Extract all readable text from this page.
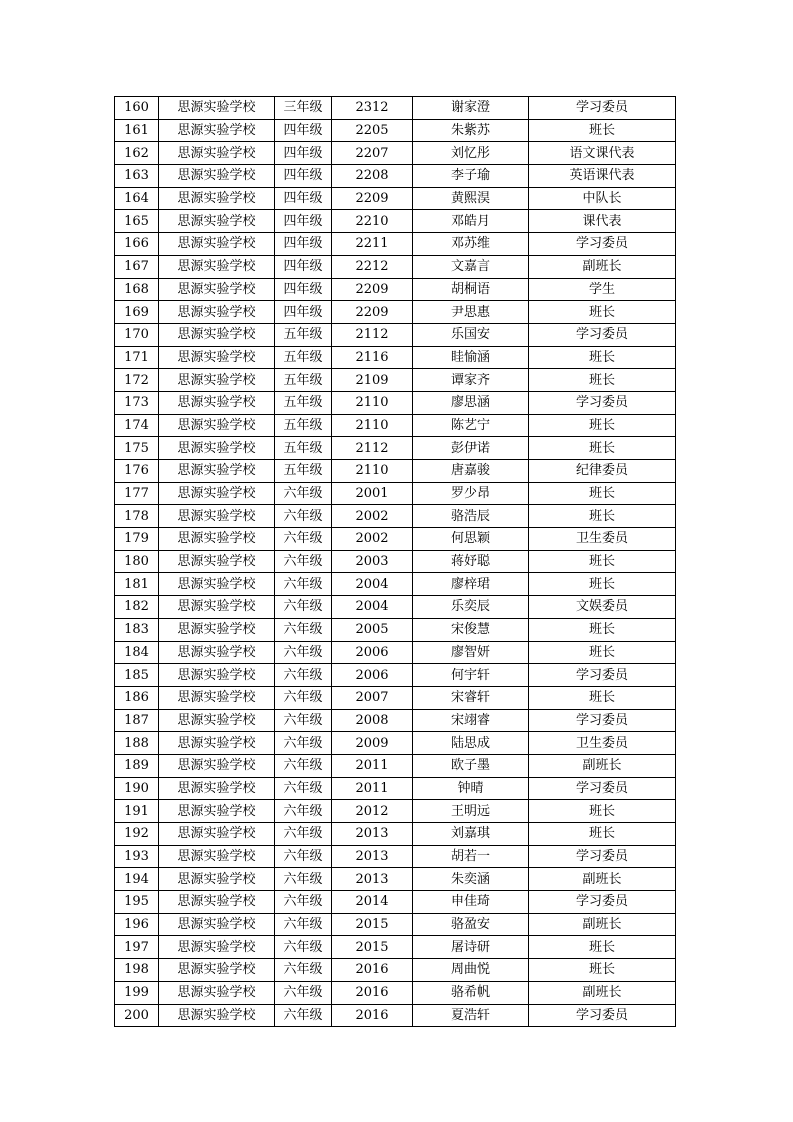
160	思源实验学校	三年级	2312	谢家澄	学习委员
161	思源实验学校	四年级	2205	朱紫苏	班长
162	思源实验学校	四年级	2207	刘忆彤	语文课代表
163	思源实验学校	四年级	2208	李子瑜	英语课代表
164	思源实验学校	四年级	2209	黄熙淏	中队长
165	思源实验学校	四年级	2210	邓皓月	课代表
166	思源实验学校	四年级	2211	邓苏维	学习委员
167	思源实验学校	四年级	2212	文嘉言	副班长
168	思源实验学校	四年级	2209	胡桐语	学生
169	思源实验学校	四年级	2209	尹思惠	班长
170	思源实验学校	五年级	2112	乐国安	学习委员
171	思源实验学校	五年级	2116	眭愉涵	班长
172	思源实验学校	五年级	2109	谭家齐	班长
173	思源实验学校	五年级	2110	廖思涵	学习委员
174	思源实验学校	五年级	2110	陈艺宁	班长
175	思源实验学校	五年级	2112	彭伊诺	班长
176	思源实验学校	五年级	2110	唐嘉骏	纪律委员
177	思源实验学校	六年级	2001	罗少昂	班长
178	思源实验学校	六年级	2002	骆浩辰	班长
179	思源实验学校	六年级	2002	何思颖	卫生委员
180	思源实验学校	六年级	2003	蒋妤聪	班长
181	思源实验学校	六年级	2004	廖梓珺	班长
182	思源实验学校	六年级	2004	乐奕辰	文娱委员
183	思源实验学校	六年级	2005	宋俊慧	班长
184	思源实验学校	六年级	2006	廖智妍	班长
185	思源实验学校	六年级	2006	何宇轩	学习委员
186	思源实验学校	六年级	2007	宋睿轩	班长
187	思源实验学校	六年级	2008	宋翊睿	学习委员
188	思源实验学校	六年级	2009	陆思成	卫生委员
189	思源实验学校	六年级	2011	欧子墨	副班长
190	思源实验学校	六年级	2011	钟晴	学习委员
191	思源实验学校	六年级	2012	王明远	班长
192	思源实验学校	六年级	2013	刘嘉琪	班长
193	思源实验学校	六年级	2013	胡若一	学习委员
194	思源实验学校	六年级	2013	朱奕涵	副班长
195	思源实验学校	六年级	2014	申佳琦	学习委员
196	思源实验学校	六年级	2015	骆盈安	副班长
197	思源实验学校	六年级	2015	屠诗研	班长
198	思源实验学校	六年级	2016	周曲悦	班长
199	思源实验学校	六年级	2016	骆希帆	副班长
200	思源实验学校	六年级	2016	夏浩轩	学习委员
